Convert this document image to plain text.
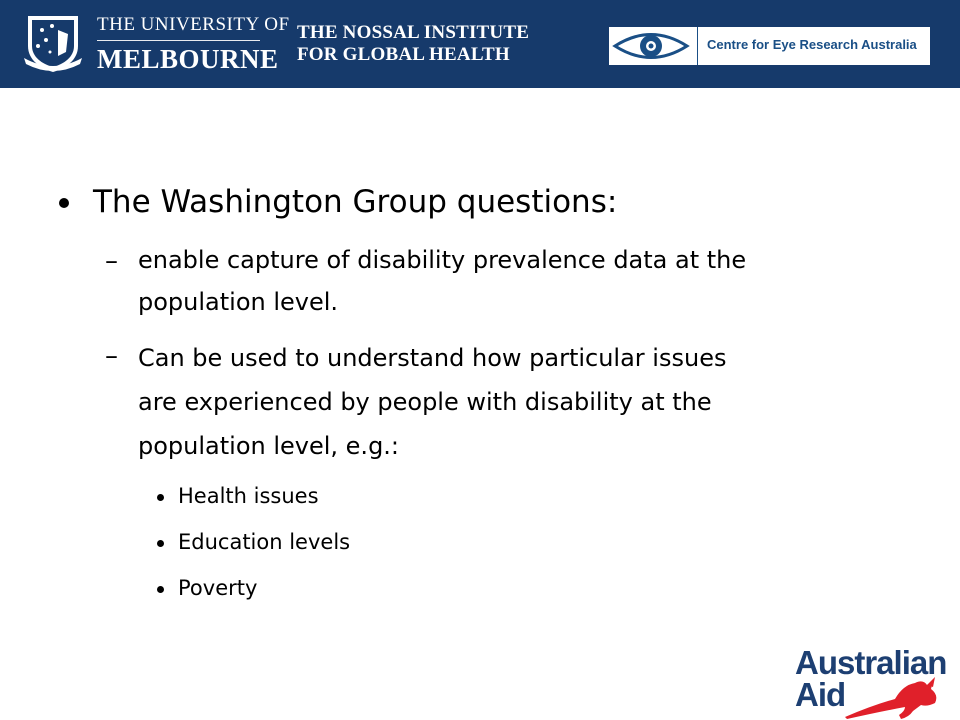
THE UNIVERSITY OF
MELBOURNE
THE NOSSAL INSTITUTE
FOR GLOBAL HEALTH	Centre for Eye Research Australia
The Washington Group questions:
– enable capture of disability prevalence data at the
population level.
– Can be used to understand how particular issues
are experienced by people with disability at the
population level, e.g.:
Health issues
Education levels
Poverty
Australian
Aid
